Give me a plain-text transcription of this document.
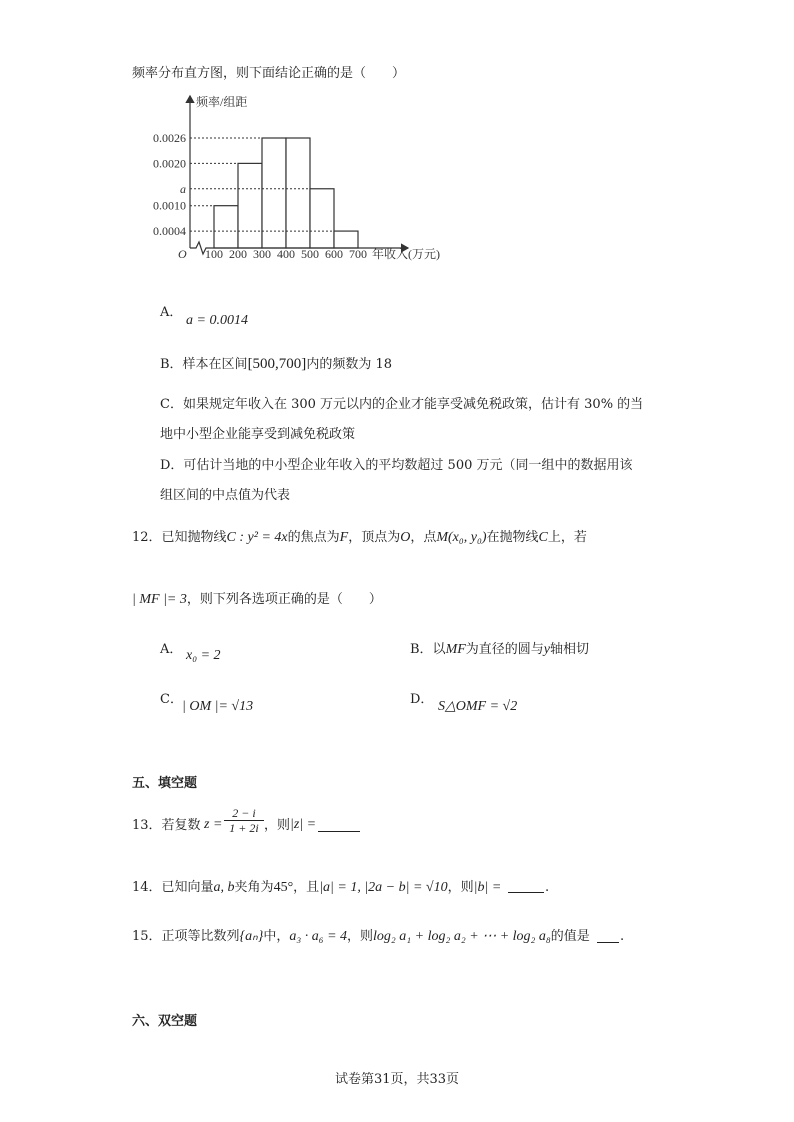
频率分布直方图，则下面结论正确的是（　　）
0.0026
0.0020
a
0.0010
0.0004
100 200 300 400 500 600 700
频率/组距
O	年收入(万元)
A．
a = 0.0014
B．样本在区间[500,700]内的频数为 18
C．如果规定年收入在 300 万元以内的企业才能享受减免税政策，估计有 30% 的当
地中小型企业能享受到减免税政策
D．可估计当地的中小型企业年收入的平均数超过 500 万元（同一组中的数据用该
组区间的中点值为代表
12．已知抛物线C : y² = 4x的焦点为F，顶点为O，点M(x₀, y₀)在抛物线C上，若
| MF |= 3，则下列各选项正确的是（　　）
A． x₀ = 2	B．以MF为直径的圆与y轴相切
C． | OM |= √13	D． S△OMF = √2
五、填空题
13．若复数 z =
2 − i
1 + 2i ，则 |z| =
14．已知向量a, b夹角为45°，且|a| = 1, |2a − b| = √10，则|b| =	.
15．正项等比数列{aₙ}中，a₃ · a₆ = 4，则log₂ a₁ + log₂ a₂ + ⋯ + log₂ a₈的值是 .
六、双空题
试卷第31页，共33页
